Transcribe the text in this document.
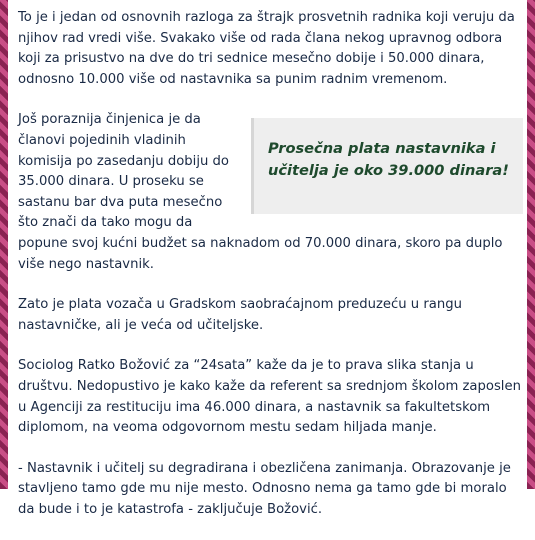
To je i jedan od osnovnih razloga za štrajk prosvetnih radnika koji veruju da njihov rad vredi više. Svakako više od rada člana nekog upravnog odbora koji za prisustvo na dve do tri sednice mesečno dobije i 50.000 dinara, odnosno 10.000 više od nastavnika sa punim radnim vremenom.

Prosečna plata nastavnika i učitelja je oko 39.000 dinara!

Još poraznija činjenica je da članovi pojedinih vladinih komisija po zasedanju dobiju do 35.000 dinara. U proseku se sastanu bar dva puta mesečno što znači da tako mogu da popune svoj kućni budžet sa naknadom od 70.000 dinara, skoro pa duplo više nego nastavnik.

Zato je plata vozača u Gradskom saobraćajnom preduzeću u rangu nastavničke, ali je veća od učiteljske.

Sociolog Ratko Božović za “24sata” kaže da je to prava slika stanja u društvu. Nedopustivo je kako kaže da referent sa srednjom školom zaposlen u Agenciji za restituciju ima 46.000 dinara, a nastavnik sa fakultetskom diplomom, na veoma odgovornom mestu sedam hiljada manje.

- Nastavnik i učitelj su degradirana i obezličena zanimanja. Obrazovanje je stavljeno tamo gde mu nije mesto. Odnosno nema ga tamo gde bi moralo da bude i to je katastrofa - zaključuje Božović.
